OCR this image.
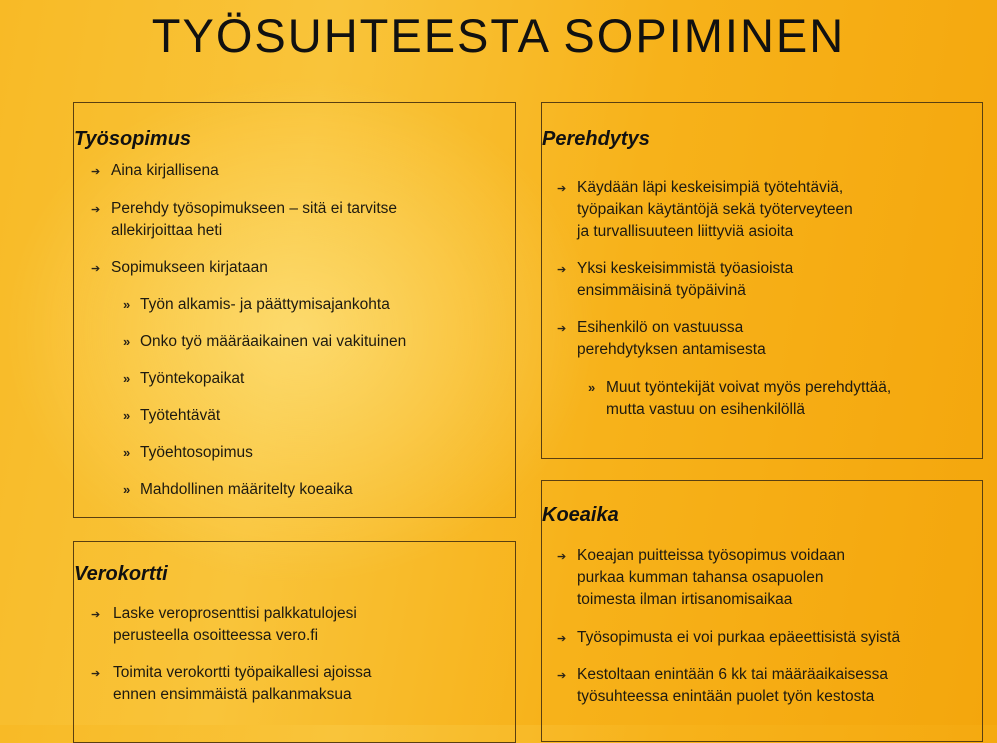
TYÖSUHTEESTA SOPIMINEN
Työsopimus
➔ Aina kirjallisena
➔ Perehdy työsopimukseen – sitä ei tarvitse
allekirjoittaa heti
➔ Sopimukseen kirjataan
» Työn alkamis- ja päättymisajankohta
» Onko työ määräaikainen vai vakituinen
» Työntekopaikat
» Työtehtävät
» Työehtosopimus
» Mahdollinen määritelty koeaika
Verokortti
➔ Laske veroprosenttisi palkkatulojesi
perusteella osoitteessa vero.fi
➔ Toimita verokortti työpaikallesi ajoissa
ennen ensimmäistä palkanmaksua
Perehdytys
➔ Käydään läpi keskeisimpiä työtehtäviä,
työpaikan käytäntöjä sekä työterveyteen
ja turvallisuuteen liittyviä asioita
➔ Yksi keskeisimmistä työasioista
ensimmäisinä työpäivinä
➔ Esihenkilö on vastuussa
perehdytyksen antamisesta
» Muut työntekijät voivat myös perehdyttää,
mutta vastuu on esihenkilöllä
Koeaika
➔ Koeajan puitteissa työsopimus voidaan
purkaa kumman tahansa osapuolen
toimesta ilman irtisanomisaikaa
➔ Työsopimusta ei voi purkaa epäeettisistä syistä
➔ Kestoltaan enintään 6 kk tai määräaikaisessa
työsuhteessa enintään puolet työn kestosta
